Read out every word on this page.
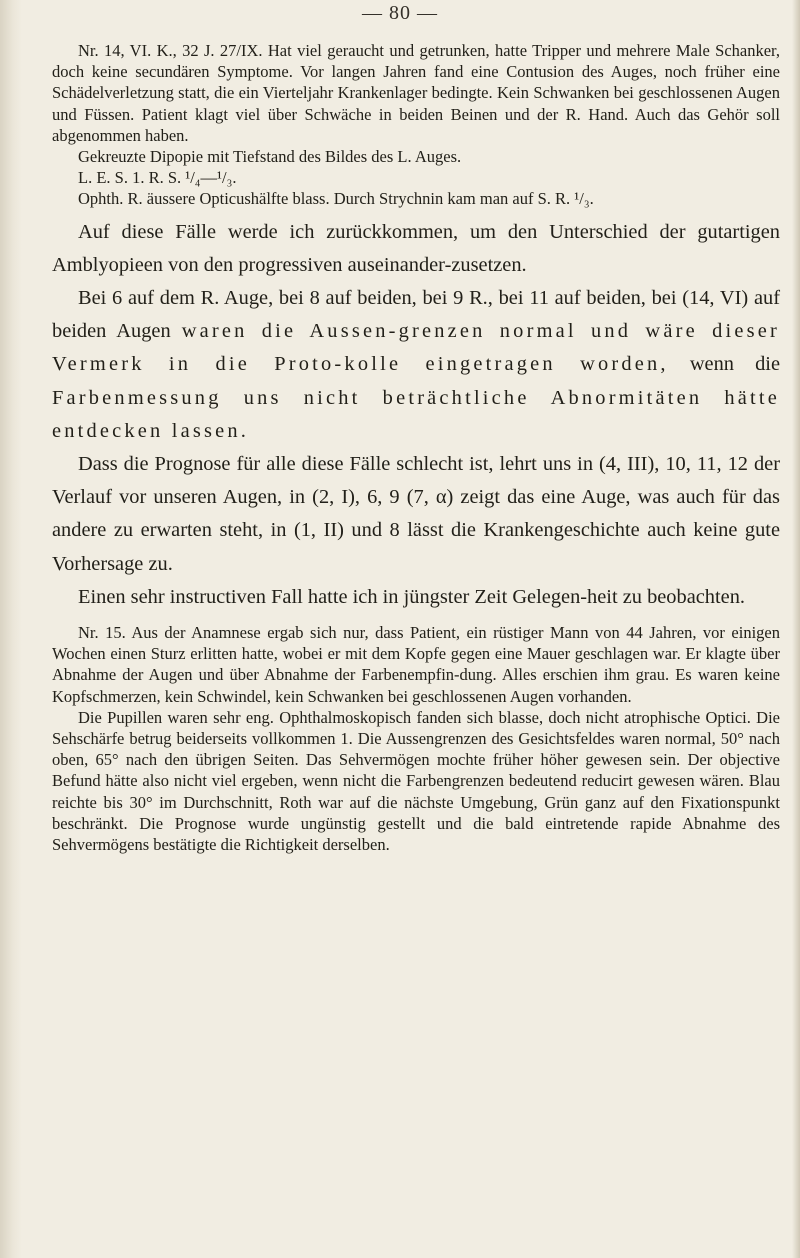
— 80 —

Nr. 14, VI. K., 32 J. 27/IX. Hat viel geraucht und getrunken, hatte Tripper und mehrere Male Schanker, doch keine secundären Symptome. Vor langen Jahren fand eine Contusion des Auges, noch früher eine Schädelverletzung statt, die ein Vierteljahr Krankenlager bedingte. Kein Schwanken bei geschlossenen Augen und Füssen. Patient klagt viel über Schwäche in beiden Beinen und der R. Hand. Auch das Gehör soll abgenommen haben.

Gekreuzte Dipopie mit Tiefstand des Bildes des L. Auges.

L. E. S. 1. R. S. ¹/₄—¹/₃.

Ophth. R. äussere Opticushälfte blass. Durch Strychnin kam man auf S. R. ¹/₃.

Auf diese Fälle werde ich zurückkommen, um den Unterschied der gutartigen Amblyopieen von den progressiven auseinander-zusetzen.

Bei 6 auf dem R. Auge, bei 8 auf beiden, bei 9 R., bei 11 auf beiden, bei (14, VI) auf beiden Augen waren die Aussen-grenzen normal und wäre dieser Vermerk in die Proto-kolle eingetragen worden, wenn die Farbenmessung uns nicht beträchtliche Abnormitäten hätte entdecken lassen.

Dass die Prognose für alle diese Fälle schlecht ist, lehrt uns in (4, III), 10, 11, 12 der Verlauf vor unseren Augen, in (2, I), 6, 9 (7, α) zeigt das eine Auge, was auch für das andere zu erwarten steht, in (1, II) und 8 lässt die Krankengeschichte auch keine gute Vorhersage zu.

Einen sehr instructiven Fall hatte ich in jüngster Zeit Gelegen-heit zu beobachten.

Nr. 15. Aus der Anamnese ergab sich nur, dass Patient, ein rüstiger Mann von 44 Jahren, vor einigen Wochen einen Sturz erlitten hatte, wobei er mit dem Kopfe gegen eine Mauer geschlagen war. Er klagte über Abnahme der Augen und über Abnahme der Farbenempfin-dung. Alles erschien ihm grau. Es waren keine Kopfschmerzen, kein Schwindel, kein Schwanken bei geschlossenen Augen vorhanden.

Die Pupillen waren sehr eng. Ophthalmoskopisch fanden sich blasse, doch nicht atrophische Optici. Die Sehschärfe betrug beiderseits vollkommen 1. Die Aussengrenzen des Gesichtsfeldes waren normal, 50° nach oben, 65° nach den übrigen Seiten. Das Sehvermögen mochte früher höher gewesen sein. Der objective Befund hätte also nicht viel ergeben, wenn nicht die Farbengrenzen bedeutend reducirt gewesen wären. Blau reichte bis 30° im Durchschnitt, Roth war auf die nächste Umgebung, Grün ganz auf den Fixationspunkt beschränkt. Die Prognose wurde ungünstig gestellt und die bald eintretende rapide Abnahme des Sehvermögens bestätigte die Richtigkeit derselben.
